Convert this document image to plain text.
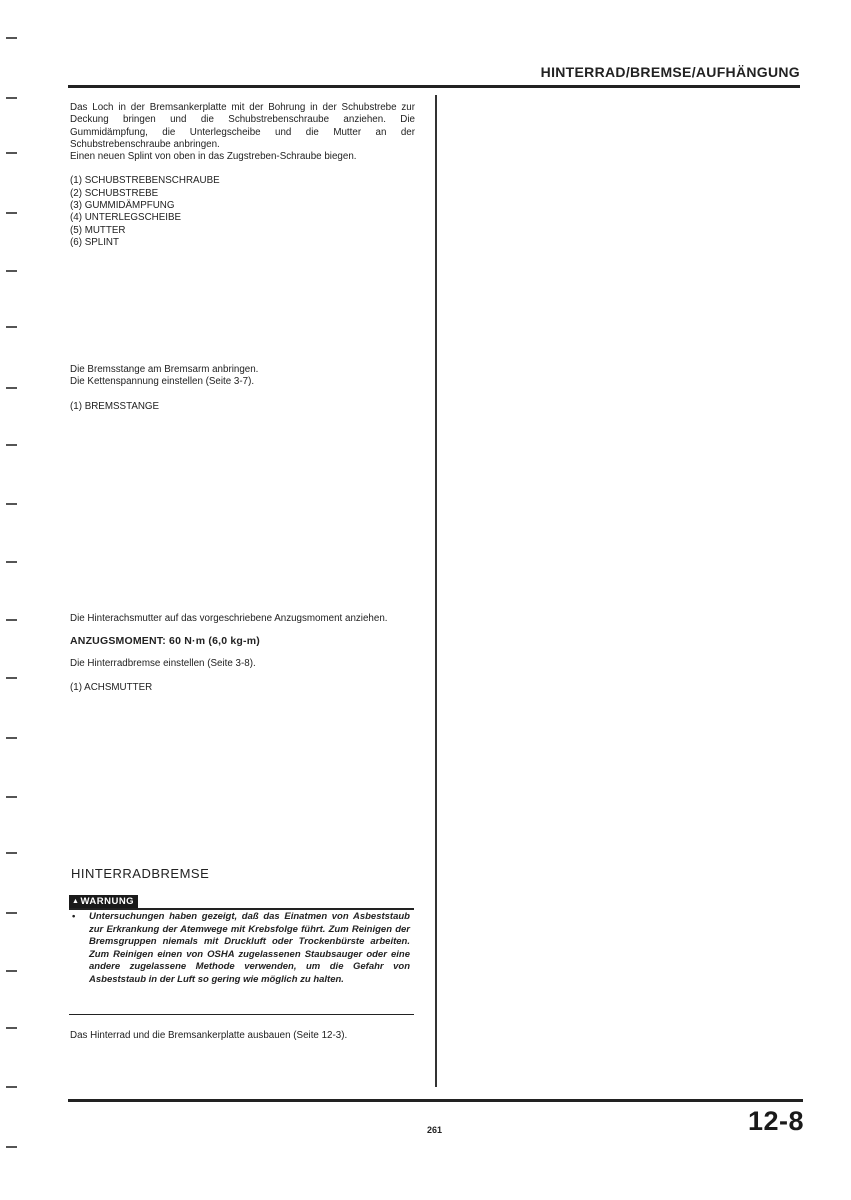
HINTERRAD/BREMSE/AUFHÄNGUNG

Das Loch in der Bremsankerplatte mit der Bohrung in der Schubstrebe zur Deckung bringen und die Schubstrebenschraube anziehen. Die Gummidämpfung, die Unterlegscheibe und die Mutter an der Schubstrebenschraube anbringen.

Einen neuen Splint von oben in das Zugstreben-Schraube biegen.

(1) SCHUBSTREBENSCHRAUBE
(2) SCHUBSTREBE
(3) GUMMIDÄMPFUNG
(4) UNTERLEGSCHEIBE
(5) MUTTER
(6) SPLINT
Die Bremsstange am Bremsarm anbringen.
Die Kettenspannung einstellen (Seite 3-7).
(1) BREMSSTANGE

Die Hinterachsmutter auf das vorgeschriebene Anzugsmoment anziehen.

ANZUGSMOMENT: 60 N·m (6,0 kg-m)
Die Hinterradbremse einstellen (Seite 3-8).
(1) ACHSMUTTER
HINTERRADBREMSE
▲WARNUNG
• Untersuchungen haben gezeigt, daß das Einatmen von Asbeststaub zur Erkrankung der Atemwege mit Krebsfolge führt. Zum Reinigen der Bremsgruppen niemals mit Druckluft oder Trockenbürste arbeiten. Zum Reinigen einen von OSHA zugelassenen Staubsauger oder eine andere zugelassene Methode verwenden, um die Gefahr von Asbeststaub in der Luft so gering wie möglich zu halten.
Das Hinterrad und die Bremsankerplatte ausbauen (Seite 12-3).
261	12-8
